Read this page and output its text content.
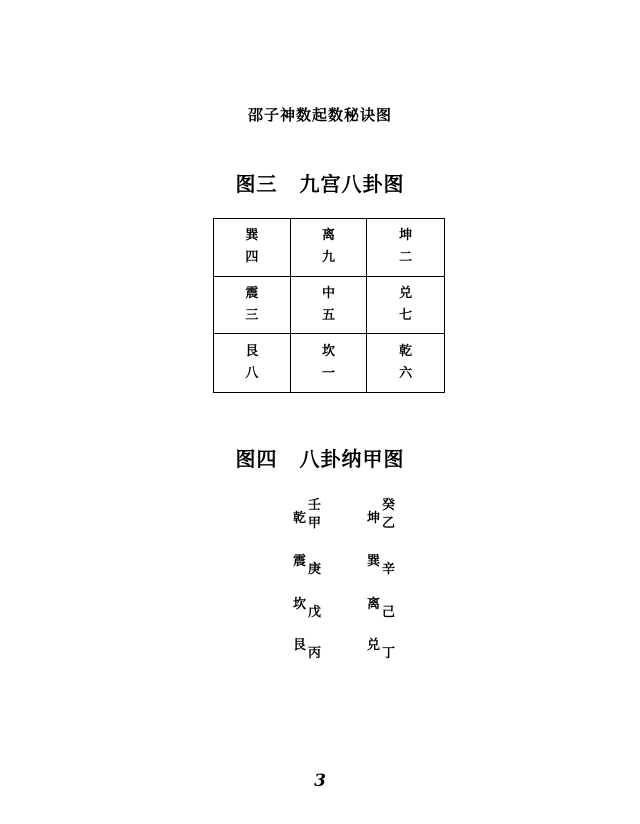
邵子神数起数秘诀图
图三 九宫八卦图
巽
四
离
九
坤
二
震
三
中
五
兑
七
艮
八
坎
一
乾
六
图四 八卦纳甲图
乾
壬
甲	坤
癸
乙
震
庚
巽
辛
坎
戊
离
己
艮
丙
兑
丁
3
